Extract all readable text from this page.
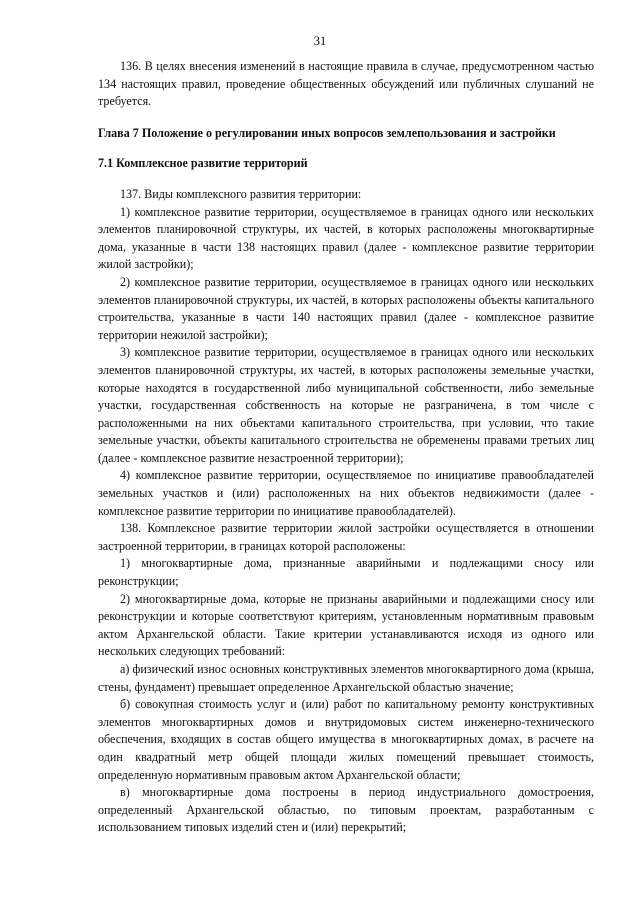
31

136. В целях внесения изменений в настоящие правила в случае, предусмотренном частью 134 настоящих правил, проведение общественных обсуждений или публичных слушаний не требуется.

Глава 7 Положение о регулировании иных вопросов землепользования и застройки

7.1 Комплексное развитие территорий

137. Виды комплексного развития территории:

1) комплексное развитие территории, осуществляемое в границах одного или нескольких элементов планировочной структуры, их частей, в которых расположены многоквартирные дома, указанные в части 138 настоящих правил (далее - комплексное развитие территории жилой застройки);

2) комплексное развитие территории, осуществляемое в границах одного или нескольких элементов планировочной структуры, их частей, в которых расположены объекты капитального строительства, указанные в части 140 настоящих правил (далее - комплексное развитие территории нежилой застройки);

3) комплексное развитие территории, осуществляемое в границах одного или нескольких элементов планировочной структуры, их частей, в которых расположены земельные участки, которые находятся в государственной либо муниципальной собственности, либо земельные участки, государственная собственность на которые не разграничена, в том числе с расположенными на них объектами капитального строительства, при условии, что такие земельные участки, объекты капитального строительства не обременены правами третьих лиц (далее - комплексное развитие незастроенной территории);

4) комплексное развитие территории, осуществляемое по инициативе правообладателей земельных участков и (или) расположенных на них объектов недвижимости (далее - комплексное развитие территории по инициативе правообладателей).

138. Комплексное развитие территории жилой застройки осуществляется в отношении застроенной территории, в границах которой расположены:

1) многоквартирные дома, признанные аварийными и подлежащими сносу или реконструкции;

2) многоквартирные дома, которые не признаны аварийными и подлежащими сносу или реконструкции и которые соответствуют критериям, установленным нормативным правовым актом Архангельской области. Такие критерии устанавливаются исходя из одного или нескольких следующих требований:

а) физический износ основных конструктивных элементов многоквартирного дома (крыша, стены, фундамент) превышает определенное Архангельской областью значение;

б) совокупная стоимость услуг и (или) работ по капитальному ремонту конструктивных элементов многоквартирных домов и внутридомовых систем инженерно-технического обеспечения, входящих в состав общего имущества в многоквартирных домах, в расчете на один квадратный метр общей площади жилых помещений превышает стоимость, определенную нормативным правовым актом Архангельской области;

в) многоквартирные дома построены в период индустриального домостроения, определенный Архангельской областью, по типовым проектам, разработанным с использованием типовых изделий стен и (или) перекрытий;
